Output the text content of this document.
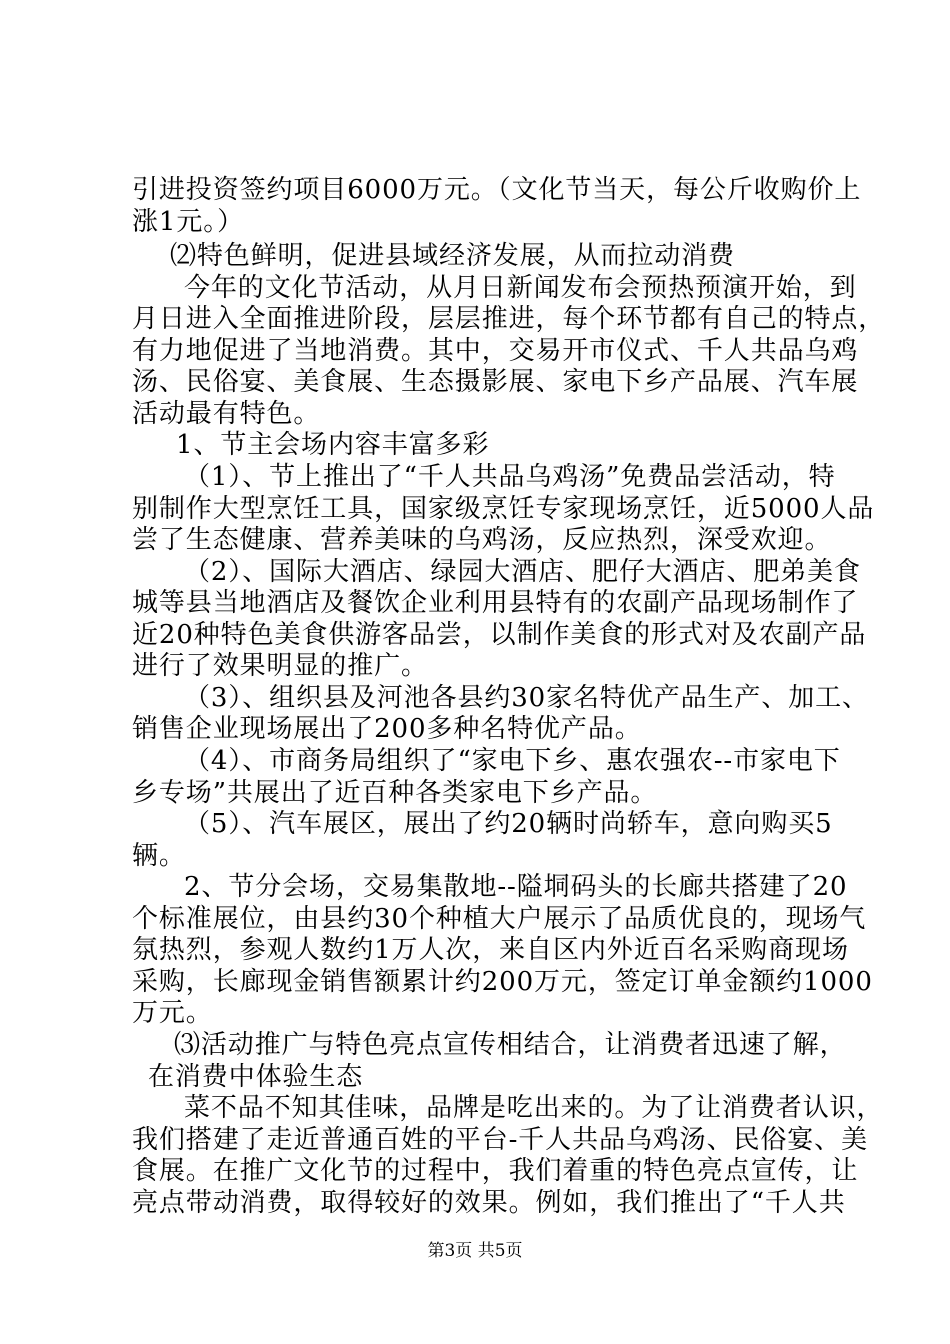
引进投资签约项目6000万元。（文化节当天，每公斤收购价上
涨1元。）
⑵特色鲜明，促进县域经济发展，从而拉动消费
今年的文化节活动，从月日新闻发布会预热预演开始，到
月日进入全面推进阶段，层层推进，每个环节都有自己的特点，
有力地促进了当地消费。其中，交易开市仪式、千人共品乌鸡
汤、民俗宴、美食展、生态摄影展、家电下乡产品展、汽车展
活动最有特色。
1、节主会场内容丰富多彩
（1）、节上推出了“千人共品乌鸡汤”免费品尝活动，特
别制作大型烹饪工具，国家级烹饪专家现场烹饪，近5000人品
尝了生态健康、营养美味的乌鸡汤，反应热烈，深受欢迎。
（2）、国际大酒店、绿园大酒店、肥仔大酒店、肥弟美食
城等县当地酒店及餐饮企业利用县特有的农副产品现场制作了
近20种特色美食供游客品尝，以制作美食的形式对及农副产品
进行了效果明显的推广。
（3）、组织县及河池各县约30家名特优产品生产、加工、
销售企业现场展出了200多种名特优产品。
（4）、市商务局组织了“家电下乡、惠农强农--市家电下
乡专场”共展出了近百种各类家电下乡产品。
（5）、汽车展区，展出了约20辆时尚轿车，意向购买5
辆。
2、节分会场，交易集散地--隘垌码头的长廊共搭建了20
个标准展位，由县约30个种植大户展示了品质优良的，现场气
氛热烈，参观人数约1万人次，来自区内外近百名采购商现场
采购，长廊现金销售额累计约200万元，签定订单金额约1000
万元。
⑶活动推广与特色亮点宣传相结合，让消费者迅速了解，
在消费中体验生态
菜不品不知其佳味，品牌是吃出来的。为了让消费者认识，
我们搭建了走近普通百姓的平台-千人共品乌鸡汤、民俗宴、美
食展。在推广文化节的过程中，我们着重的特色亮点宣传，让
亮点带动消费，取得较好的效果。例如，我们推出了“千人共
第3页 共5页
